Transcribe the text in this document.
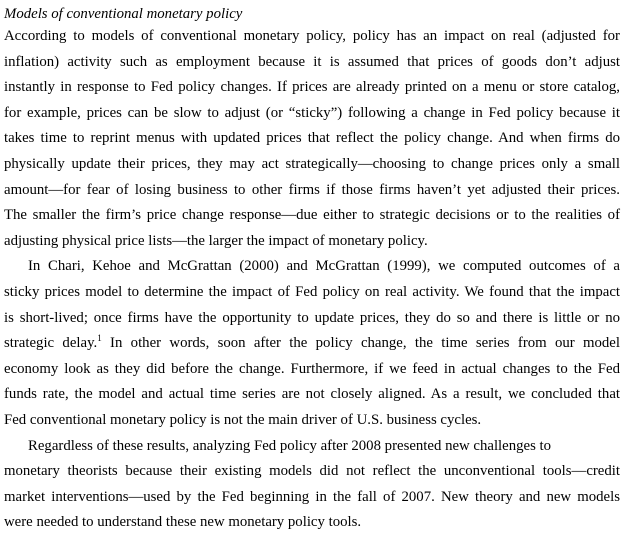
Models of conventional monetary policy

According to models of conventional monetary policy, policy has an impact on real (adjusted for
inflation) activity such as employment because it is assumed that prices of goods don’t adjust
instantly in response to Fed policy changes. If prices are already printed on a menu or store catalog,
for example, prices can be slow to adjust (or “sticky”) following a change in Fed policy because it
takes time to reprint menus with updated prices that reflect the policy change. And when firms do
physically update their prices, they may act strategically—choosing to change prices only a small
amount—for fear of losing business to other firms if those firms haven’t yet adjusted their prices.
The smaller the firm’s price change response—due either to strategic decisions or to the realities of
adjusting physical price lists—the larger the impact of monetary policy.

In Chari, Kehoe and McGrattan (2000) and McGrattan (1999), we computed outcomes of a
sticky prices model to determine the impact of Fed policy on real activity. We found that the impact
is short-lived; once firms have the opportunity to update prices, they do so and there is little or no
strategic delay.$^1$ In other words, soon after the policy change, the time series from our model
economy look as they did before the change. Furthermore, if we feed in actual changes to the Fed
funds rate, the model and actual time series are not closely aligned. As a result, we concluded that
Fed conventional monetary policy is not the main driver of U.S. business cycles.

Regardless of these results, analyzing Fed policy after 2008 presented new challenges to
monetary theorists because their existing models did not reflect the unconventional tools—credit
market interventions—used by the Fed beginning in the fall of 2007. New theory and new models
were needed to understand these new monetary policy tools.
